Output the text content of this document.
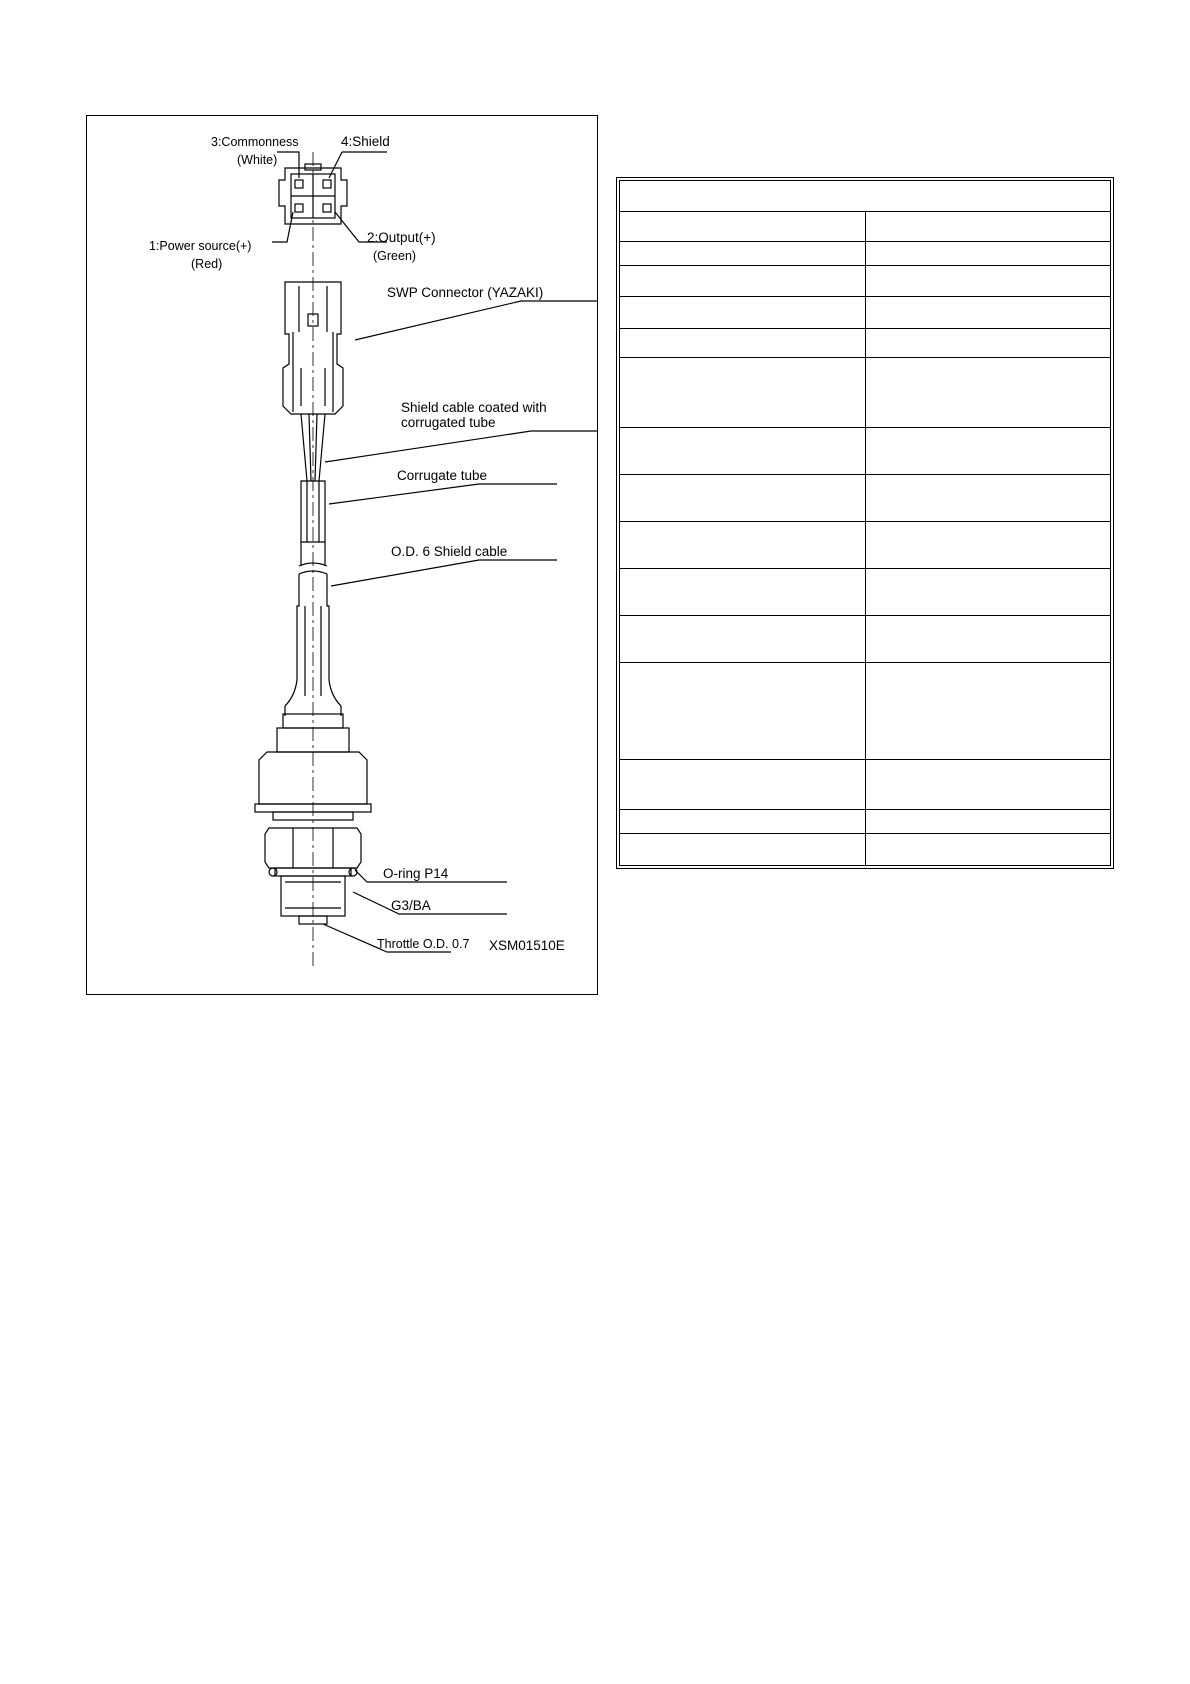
3:Commonness
(White)
4:Shield
1:Power source(+)
(Red)
2:Output(+)
(Green)
SWP Connector (YAZAKI)
Shield cable coated with
corrugated tube
Corrugate tube
O.D. 6 Shield cable
O-ring P14
G3/BA
Throttle O.D. 0.7 XSM01510E
